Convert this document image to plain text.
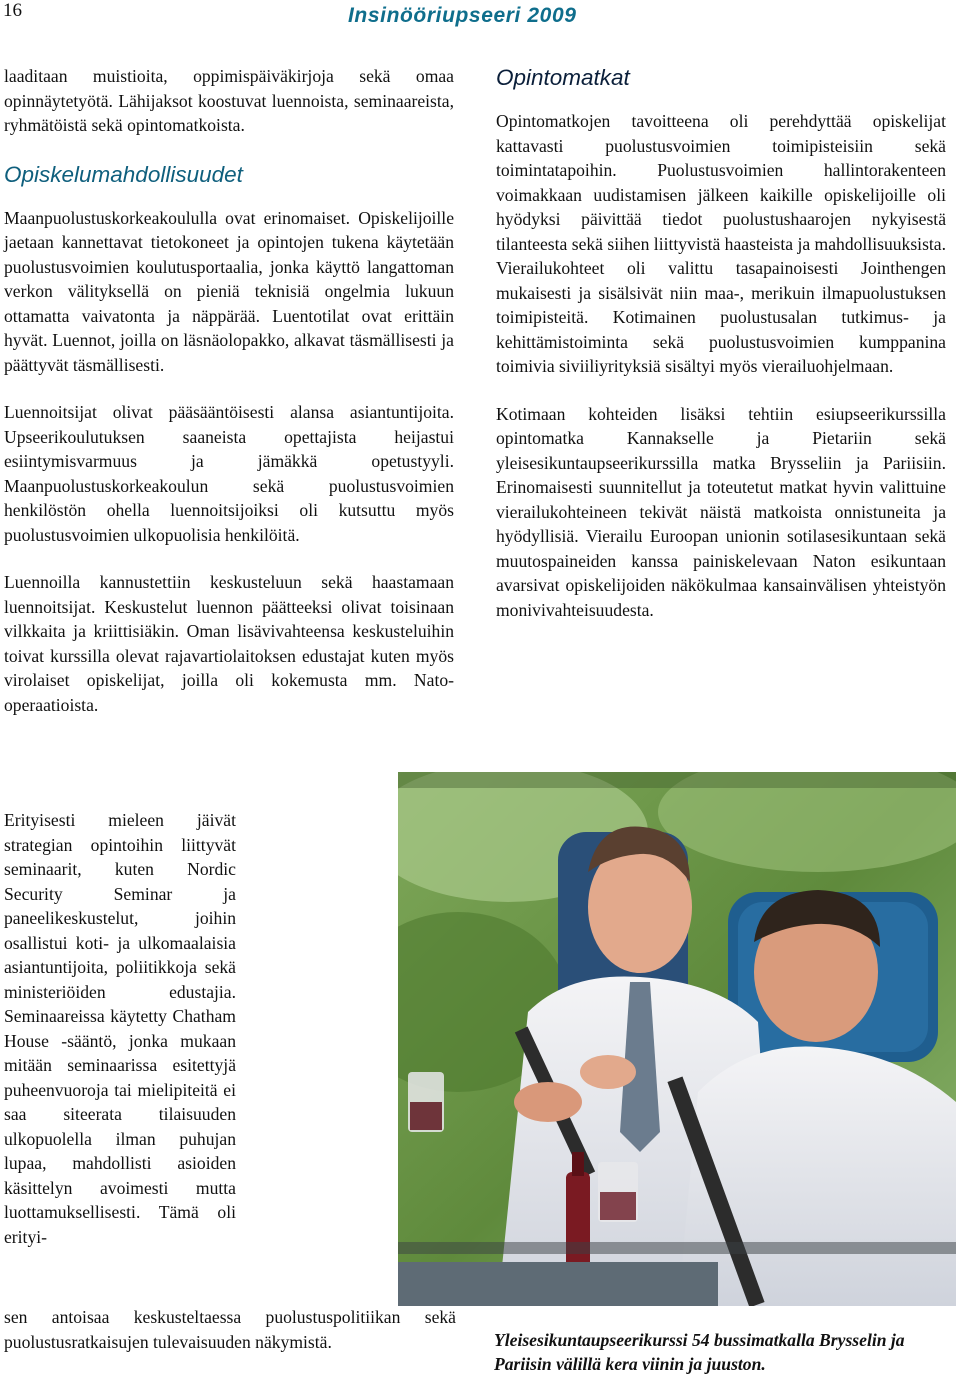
16	Insinööriupseeri 2009

laaditaan muistioita, oppimispäiväkirjoja sekä omaa opinnäytetyötä. Lähijaksot koostuvat luennoista, seminaareista, ryhmätöistä sekä opintomatkoista.

Opiskelumahdollisuudet

Maanpuolustuskorkeakoululla ovat erinomaiset. Opiskelijoille jaetaan kannettavat tietokoneet ja opintojen tukena käytetään puolustusvoimien koulutusportaalia, jonka käyttö langattoman verkon välityksellä on pieniä teknisiä ongelmia lukuun ottamatta vaivatonta ja näppärää. Luentotilat ovat erittäin hyvät. Luennot, joilla on läsnäolopakko, alkavat täsmällisesti ja päättyvät täsmällisesti.

Luennoitsijat olivat pääsääntöisesti alansa asiantuntijoita. Upseerikoulutuksen saaneista opettajista heijastui esiintymisvarmuus ja jämäkkä opetustyyli. Maanpuolustuskorkeakoulun sekä puolustusvoimien henkilöstön ohella luennoitsijoiksi oli kutsuttu myös puolustusvoimien ulkopuolisia henkilöitä.

Luennoilla kannustettiin keskusteluun sekä haastamaan luennoitsijat. Keskustelut luennon päätteeksi olivat toisinaan vilkkaita ja kriittisiäkin. Oman lisävivahteensa keskusteluihin toivat kurssilla olevat rajavartiolaitoksen edustajat kuten myös virolaiset opiskelijat, joilla oli kokemusta mm. Nato-operaatioista.

Erityisesti mieleen jäivät strategian opintoihin liittyvät seminaarit, kuten Nordic Security Seminar ja paneelikeskustelut, joihin osallistui koti- ja ulkomaalaisia asiantuntijoita, poliitikkoja sekä ministeriöiden edustajia. Seminaareissa käytetty Chatham House -sääntö, jonka mukaan mitään seminaarissa esitettyjä puheenvuoroja tai mielipiteitä ei saa siteerata tilaisuuden ulkopuolella ilman puhujan lupaa, mahdollisti asioiden käsittelyn avoimesti mutta luottamuksellisesti. Tämä oli erityi-

sen antoisaa keskusteltaessa puolustuspolitiikan sekä puolustusratkaisujen tulevaisuuden näkymistä.

Opintomatkat

Opintomatkojen tavoitteena oli perehdyttää opiskelijat kattavasti puolustusvoimien toimipisteisiin sekä toimintatapoihin. Puolustusvoimien hallintorakenteen voimakkaan uudistamisen jälkeen kaikille opiskelijoille oli hyödyksi päivittää tiedot puolustushaarojen nykyisestä tilanteesta sekä siihen liittyvistä haasteista ja mahdollisuuksista. Vierailukohteet oli valittu tasapainoisesti Jointhengen mukaisesti ja sisälsivät niin maa-, merikuin ilmapuolustuksen toimipisteitä. Kotimainen puolustusalan tutkimus- ja kehittämistoiminta sekä puolustusvoimien kumppanina toimivia siviiliyrityksiä sisältyi myös vierailuohjelmaan.

Kotimaan kohteiden lisäksi tehtiin esiupseerikurssilla opintomatka Kannakselle ja Pietariin sekä yleisesikuntaupseerikurssilla matka Brysseliin ja Pariisiin. Erinomaisesti suunnitellut ja toteutetut matkat hyvin valittuine vierailukohteineen tekivät näistä matkoista onnistuneita ja hyödyllisiä. Vierailu Euroopan unionin sotilasesikuntaan sekä muutospaineiden kanssa painiskelevaan Naton esikuntaan avarsivat opiskelijoiden näkökulmaa kansainvälisen yhteistyön monivivahteisuudesta.

Yleisesikuntaupseerikurssi 54 bussimatkalla Brysselin ja Pariisin välillä kera viinin ja juuston.
